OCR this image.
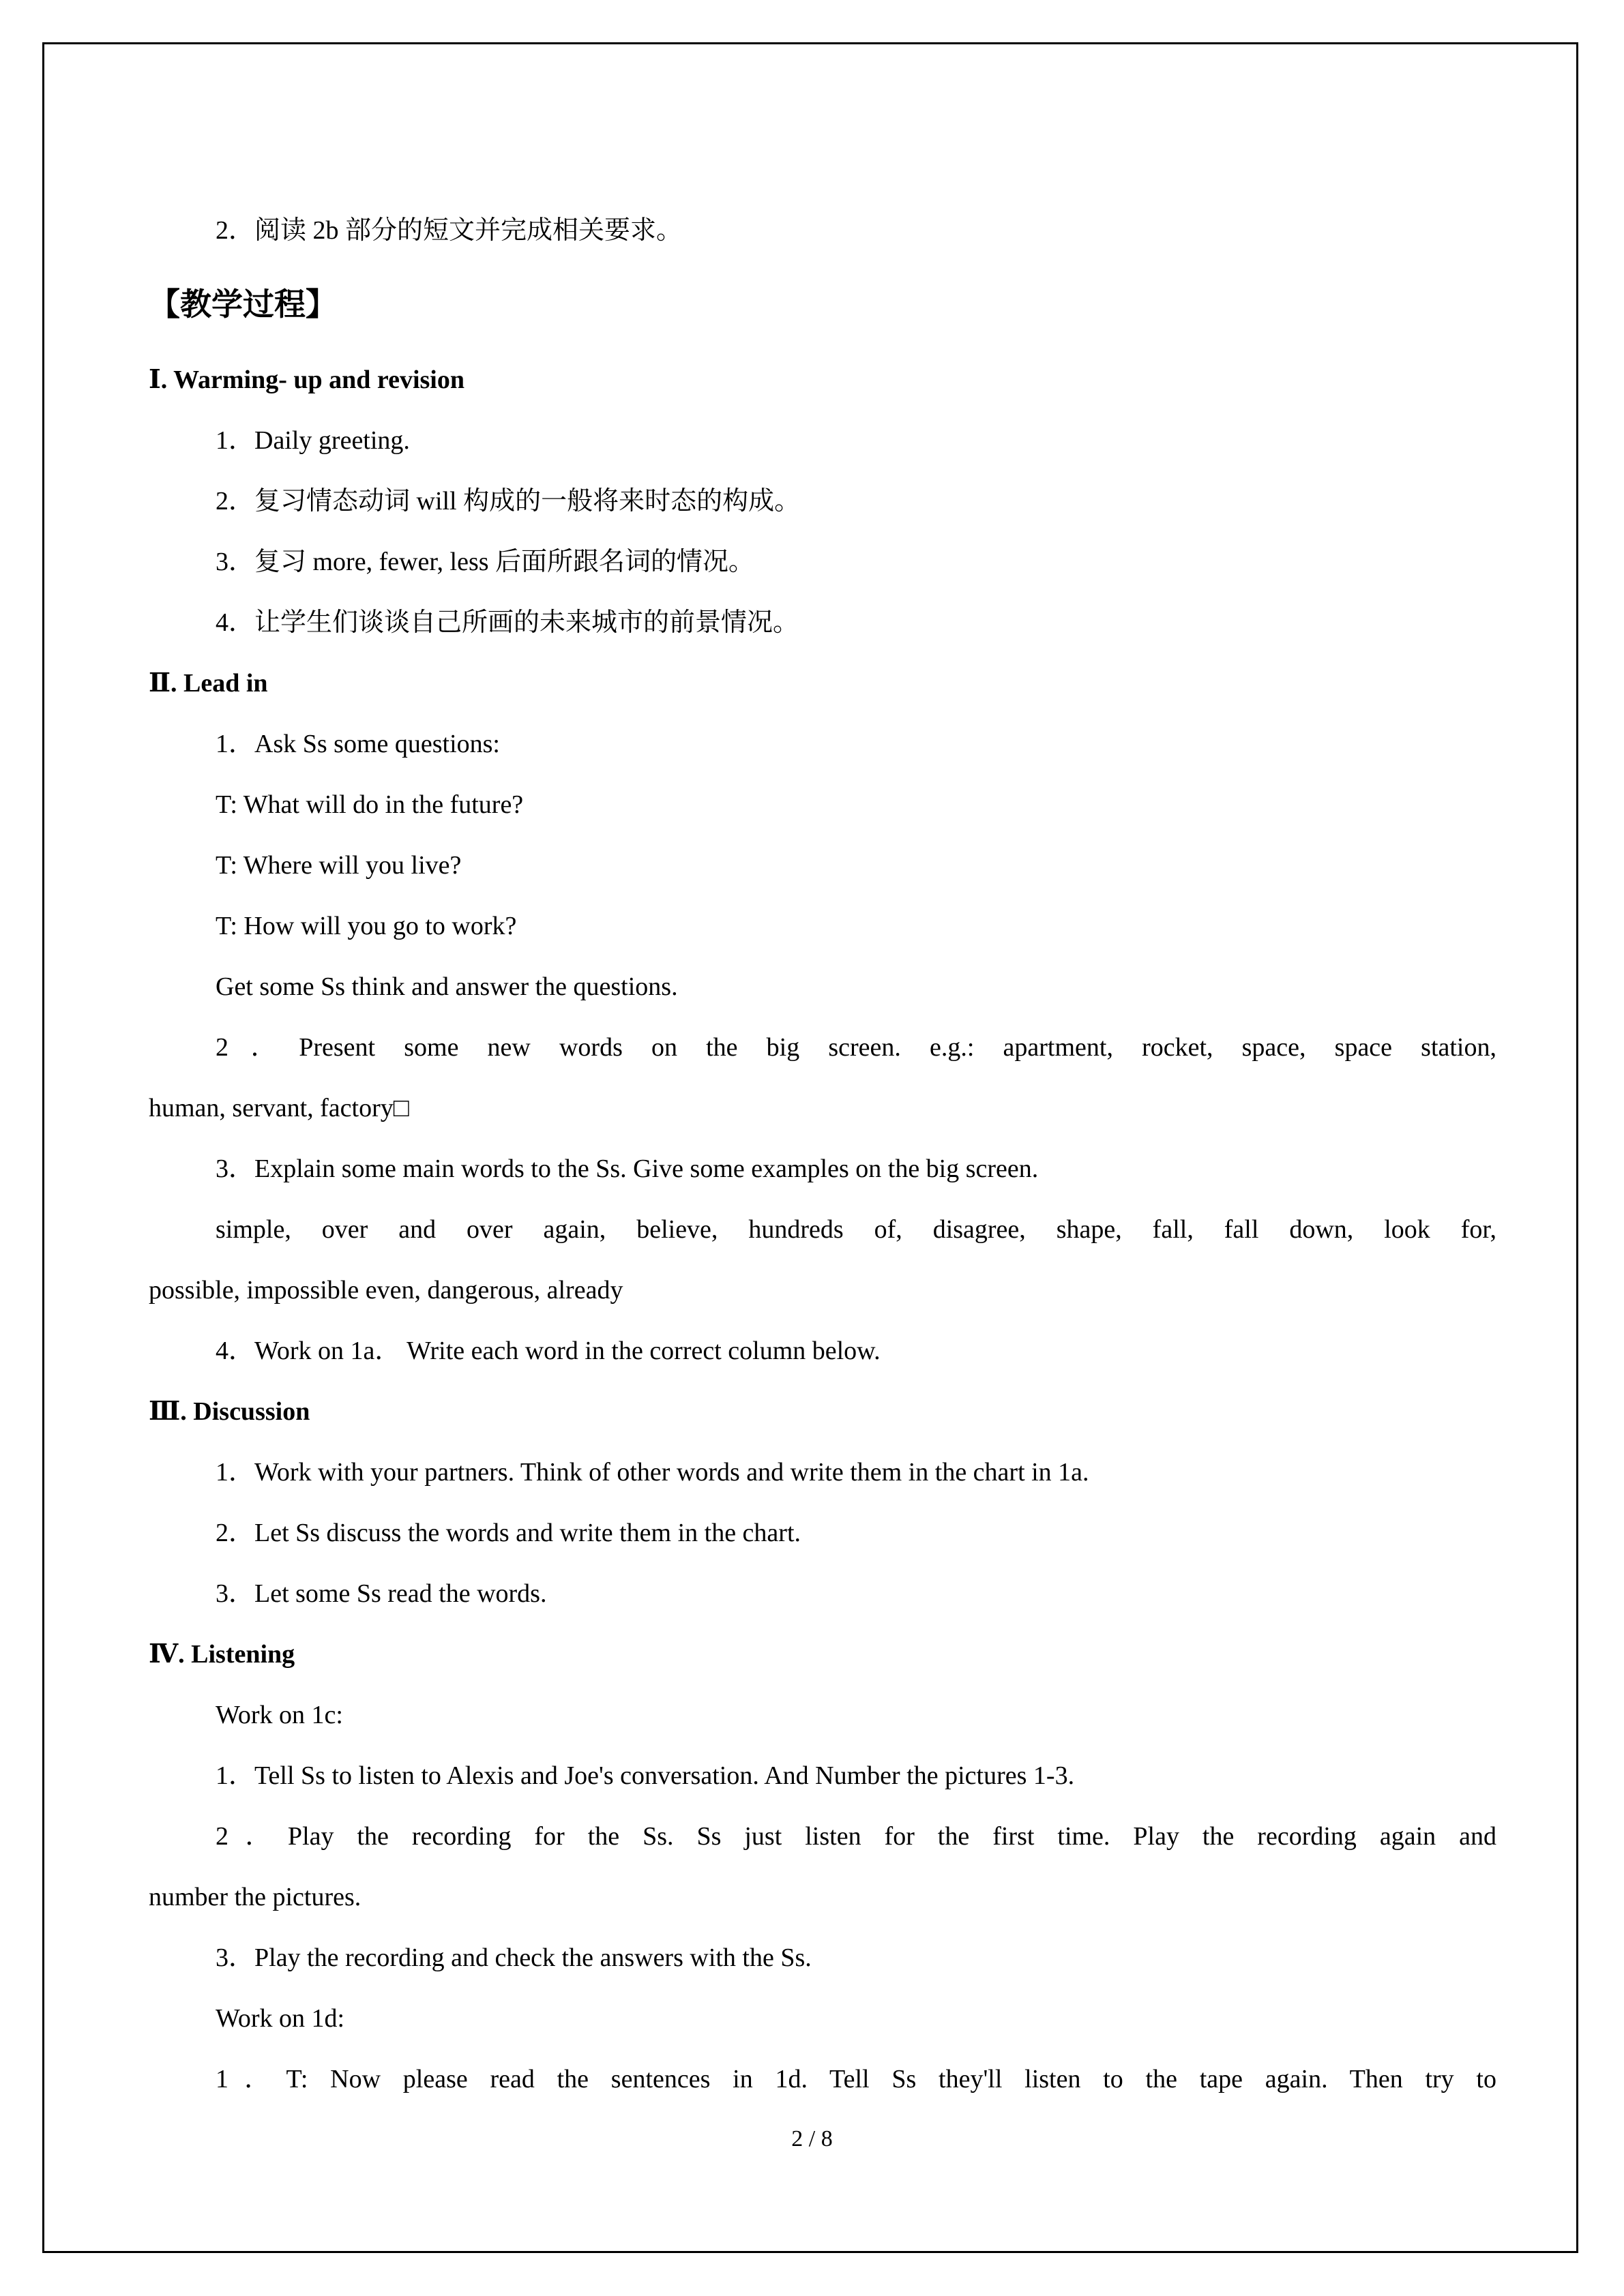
2．阅读 2b 部分的短文并完成相关要求。
【教学过程】
Ⅰ. Warming- up and revision
1．Daily greeting.
2．复习情态动词 will 构成的一般将来时态的构成。
3．复习 more, fewer, less 后面所跟名词的情况。
4．让学生们谈谈自己所画的未来城市的前景情况。
Ⅱ. Lead in
1．Ask Ss some questions:
T: What will do in the future?
T: Where will you live?
T: How will you go to work?
Get some Ss think and answer the questions.
2．Present some new words on the big screen. e.g.: apartment, rocket, space, space station,
human, servant, factory□
3．Explain some main words to the Ss. Give some examples on the big screen.
simple, over and over again, believe, hundreds of, disagree, shape, fall, fall down, look for,
possible, impossible even, dangerous, already
4．Work on 1a． Write each word in the correct column below.
Ⅲ. Discussion
1．Work with your partners. Think of other words and write them in the chart in 1a.
2．Let Ss discuss the words and write them in the chart.
3．Let some Ss read the words.
Ⅳ. Listening
Work on 1c:
1．Tell Ss to listen to Alexis and Joe's conversation. And Number the pictures 1-3.
2．Play the recording for the Ss. Ss just listen for the first time. Play the recording again and
number the pictures.
3．Play the recording and check the answers with the Ss.
Work on 1d:
1．T: Now please read the sentences in 1d. Tell Ss they'll listen to the tape again. Then try to
2 / 8
